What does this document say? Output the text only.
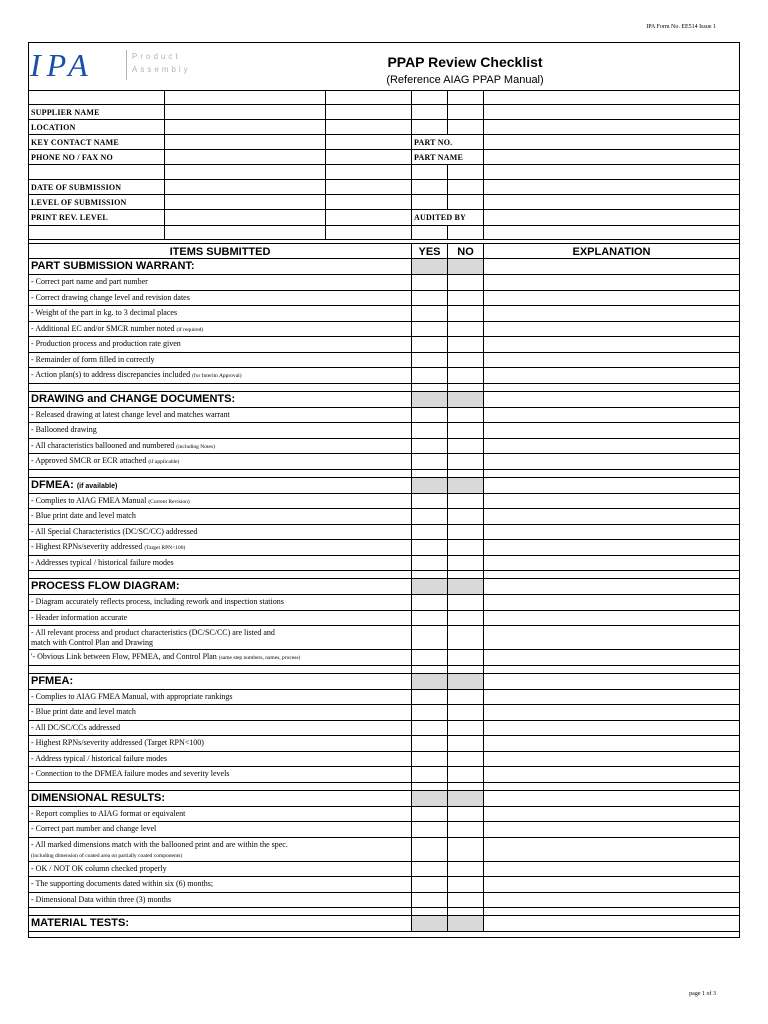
IPA Form No. EE514 Issue 1
IPA	Product
Assembly	PPAP Review Checklist
(Reference AIAG PPAP Manual)
SUPPLIER NAME
LOCATION
KEY CONTACT NAME	PART NO.
PHONE NO / FAX NO	PART NAME
DATE OF SUBMISSION
LEVEL OF SUBMISSION
PRINT REV. LEVEL	AUDITED BY
ITEMS SUBMITTED	YES	NO	EXPLANATION
PART SUBMISSION WARRANT:
- Correct part name and part number
- Correct drawing change level and revision dates
- Weight of the part in kg. to 3 decimal places
- Additional EC and/or SMCR number noted (if required)
- Production process and production rate given
- Remainder of form filled in correctly
- Action plan(s) to address discrepancies included (for Interim Approval)
DRAWING and CHANGE DOCUMENTS:
- Released drawing at latest change level and matches warrant
- Ballooned drawing
- All characteristics ballooned and numbered (including Notes)
- Approved SMCR or ECR attached (if applicable)
DFMEA: (if available)
- Complies to AIAG FMEA Manual (Current Revision)
- Blue print date and level match
- All Special Characteristics (DC/SC/CC) addressed
- Highest RPNs/severity addressed (Target RPN<100)
- Addresses typical / historical failure modes
PROCESS FLOW DIAGRAM:
- Diagram accurately reflects process, including rework and inspection stations
- Header information accurate
- All relevant process and product characteristics (DC/SC/CC) are listed and
match with Control Plan and Drawing
'- Obvious Link between Flow, PFMEA, and Control Plan (same step numbers, names, process)
PFMEA:
- Complies to AIAG FMEA Manual, with appropriate rankings
- Blue print date and level match
- All DC/SC/CCs addressed
- Highest RPNs/severity addressed (Target RPN<100)
- Address typical / historical failure modes
- Connection to the DFMEA failure modes and severity levels
DIMENSIONAL RESULTS:
- Report complies to AIAG format or equivalent
- Correct part number and change level
- All marked dimensions match with the ballooned print and are within the spec.
(including dimension of coated area on partially coated components)
- OK / NOT OK column checked properly
- The supporting documents dated within six (6) months;
- Dimensional Data within three (3) months
MATERIAL TESTS:
page 1 of 3
